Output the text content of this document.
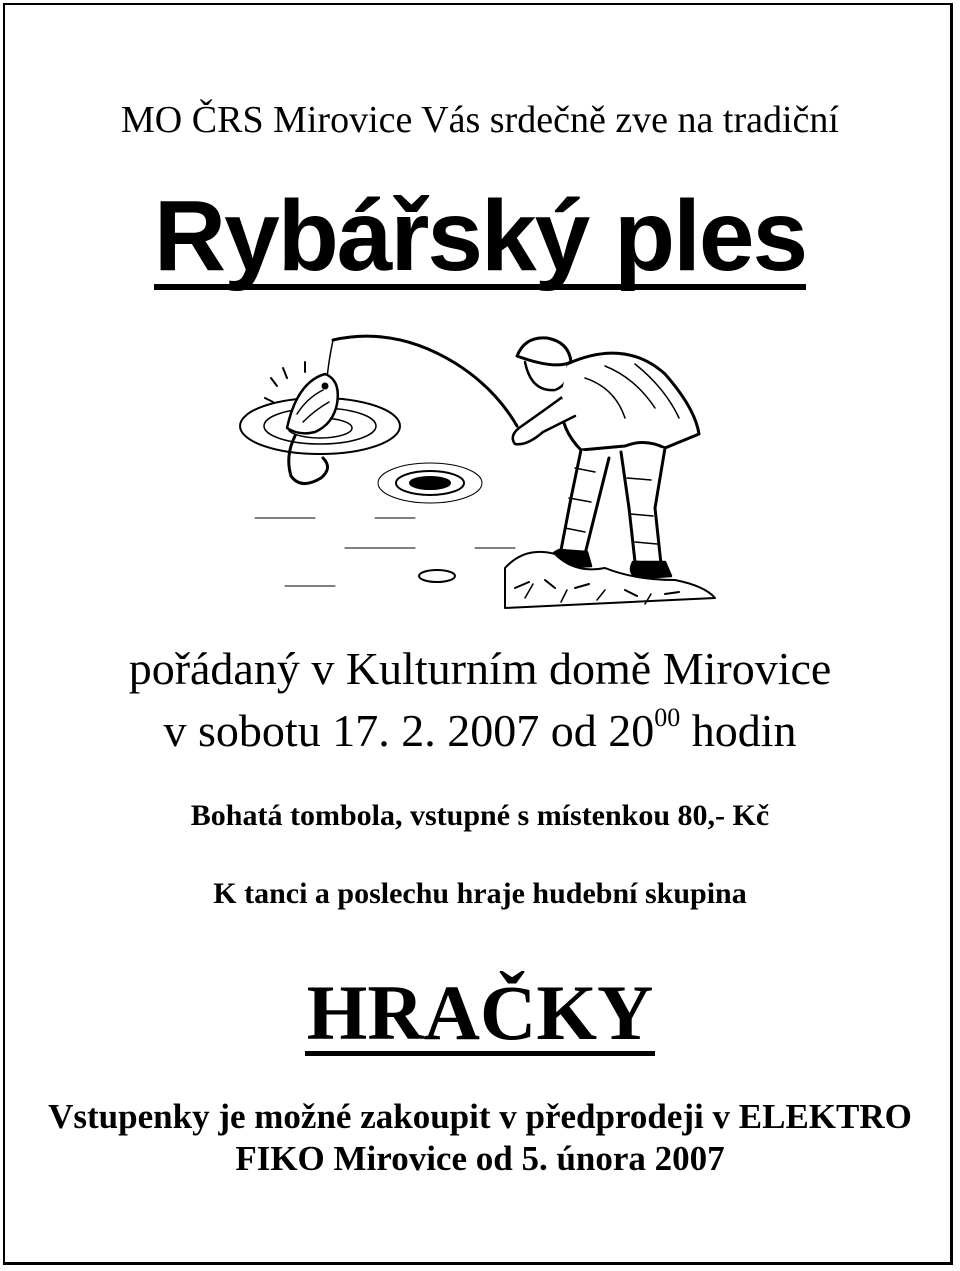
MO ČRS Mirovice Vás srdečně zve na tradiční
Rybářský ples
pořádaný v Kulturním domě Mirovice
v sobotu 17. 2. 2007 od $20^{00}$ hodin
Bohatá tombola, vstupné s místenkou 80,- Kč
K tanci a poslechu hraje hudební skupina
HRAČKY
Vstupenky je možné zakoupit v předprodeji v ELEKTRO
FIKO Mirovice od 5. února 2007
